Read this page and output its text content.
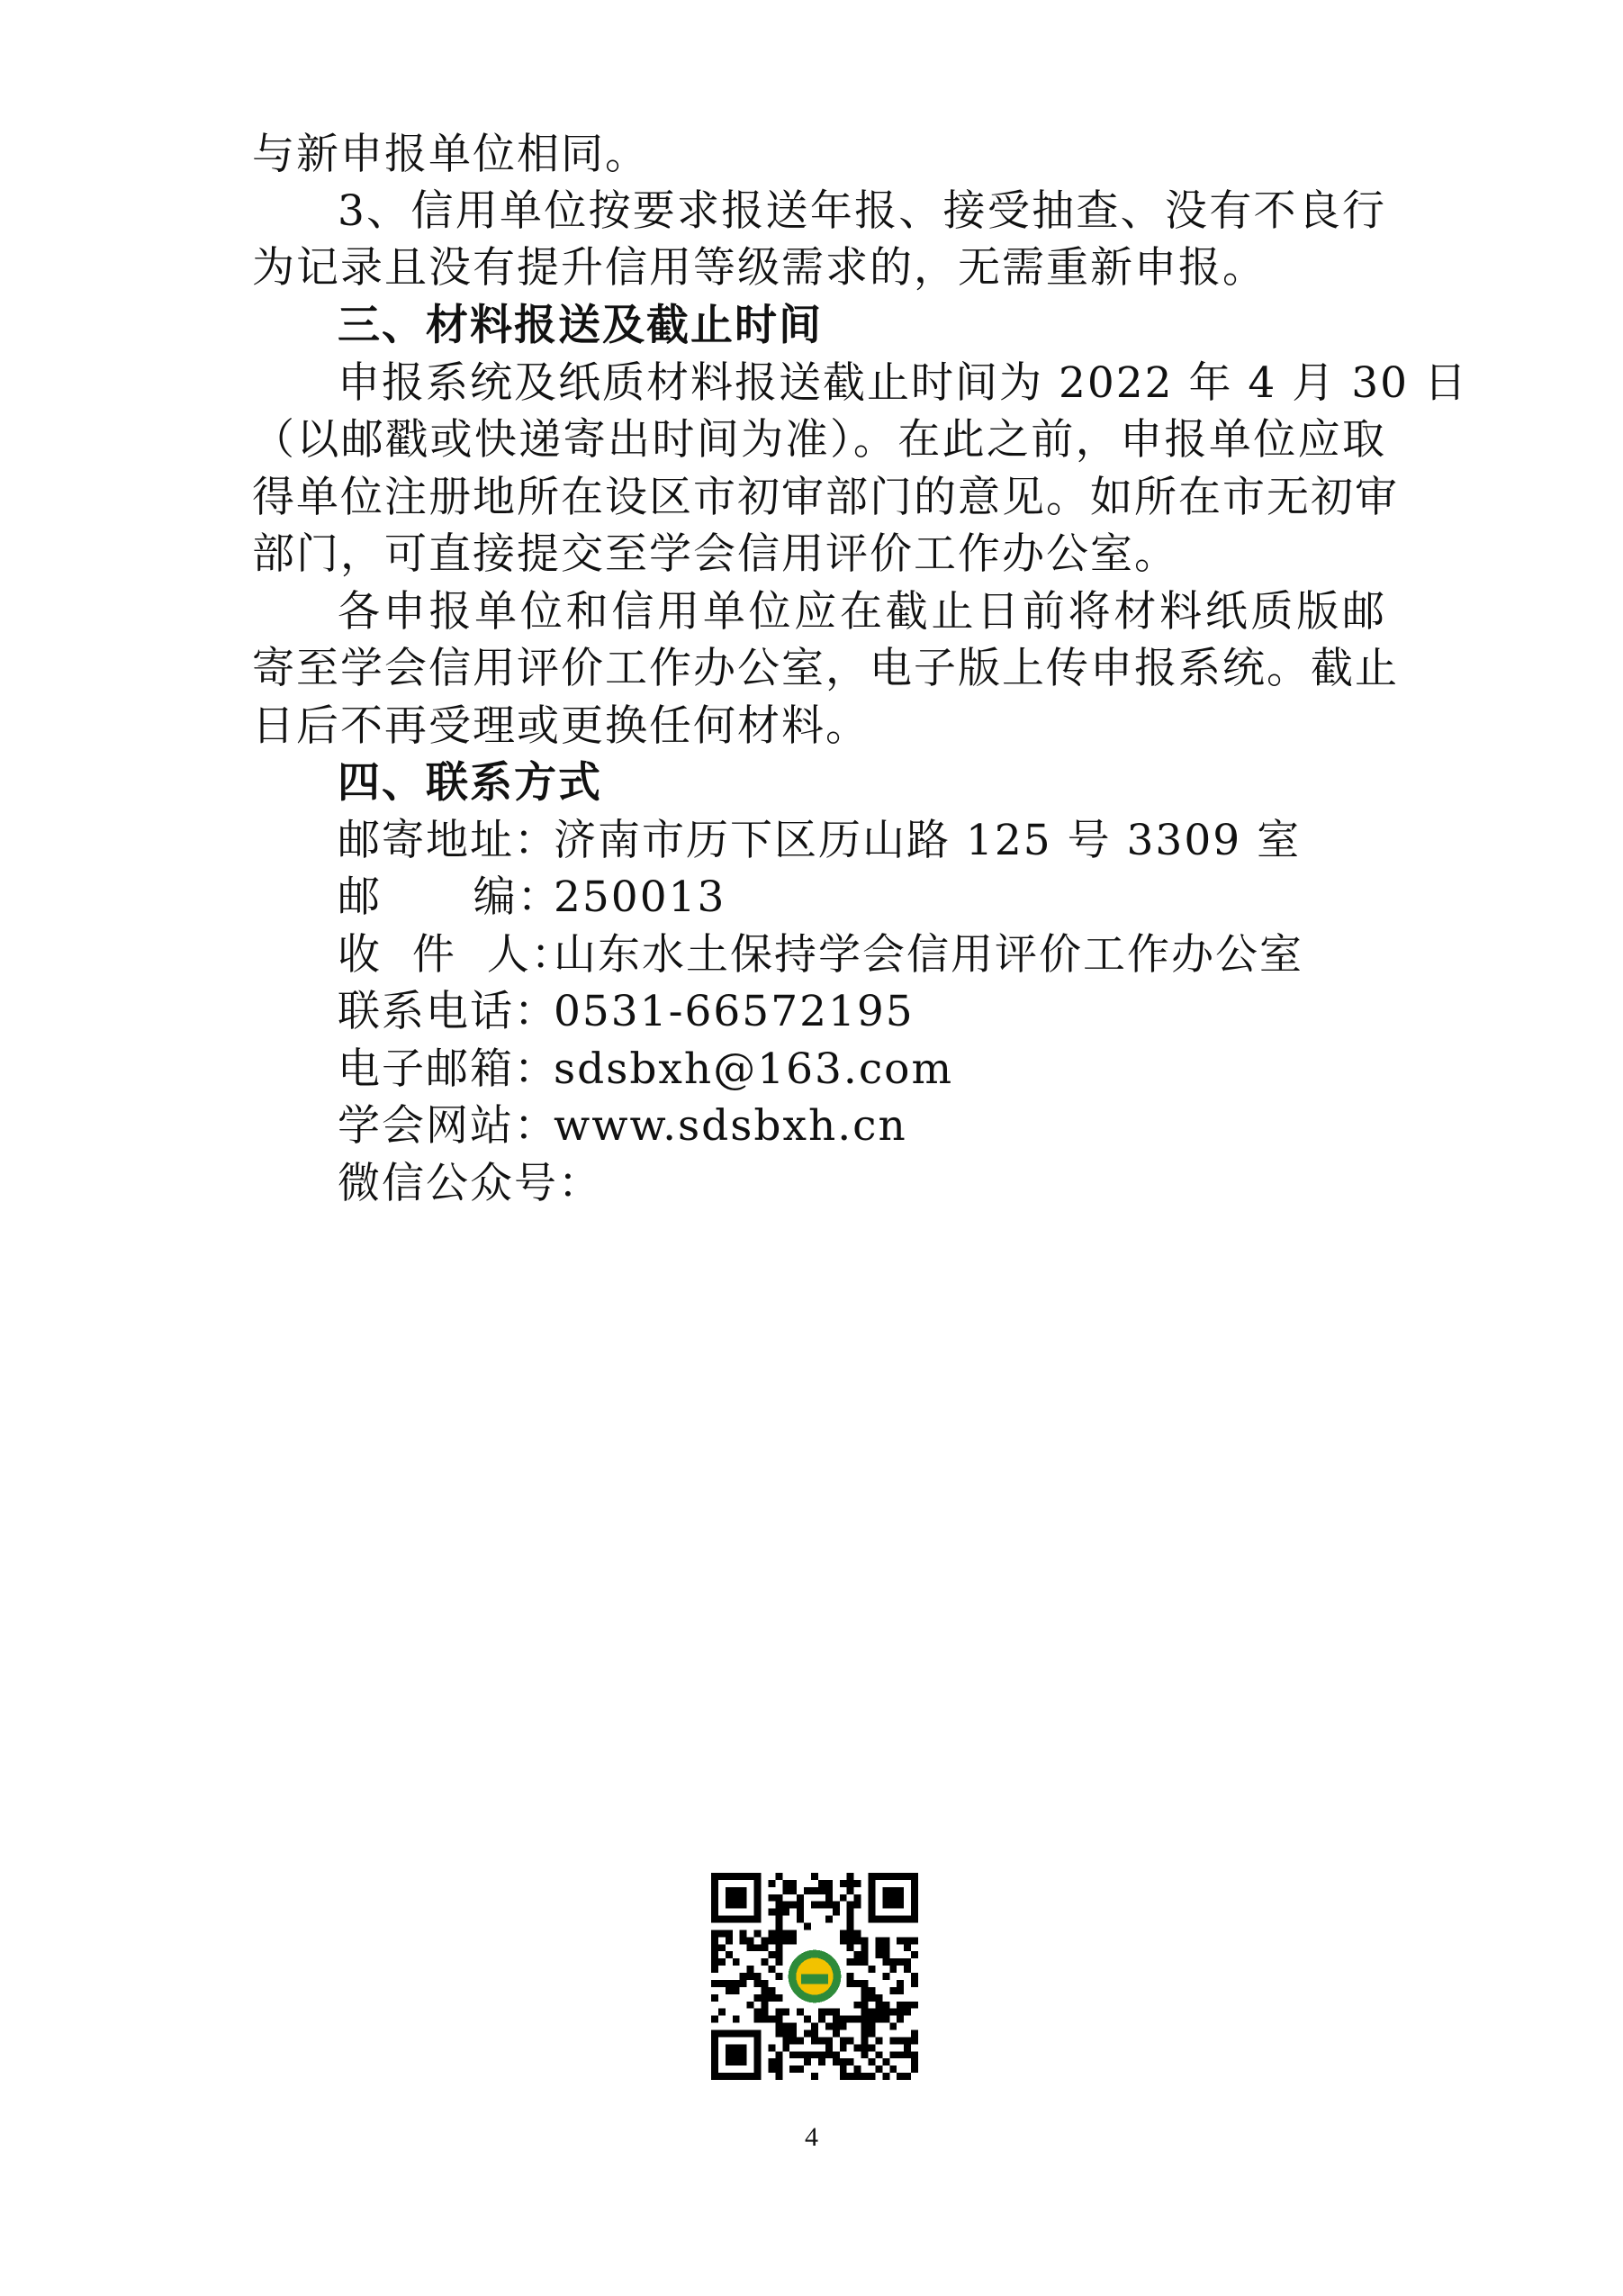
与新申报单位相同。
3、信用单位按要求报送年报、接受抽查、没有不良行
为记录且没有提升信用等级需求的，无需重新申报。
三、材料报送及截止时间
申报系统及纸质材料报送截止时间为 2022 年 4 月 30 日
（以邮戳或快递寄出时间为准）。在此之前，申报单位应取
得单位注册地所在设区市初审部门的意见。如所在市无初审
部门，可直接提交至学会信用评价工作办公室。
各申报单位和信用单位应在截止日前将材料纸质版邮
寄至学会信用评价工作办公室，电子版上传申报系统。截止
日后不再受理或更换任何材料。
四、联系方式
邮寄地址：济南市历下区历山路 125 号 3309 室
邮      编：250013
收  件  人：山东水土保持学会信用评价工作办公室
联系电话：0531-66572195
电子邮箱：sdsbxh@163.com
学会网站：www.sdsbxh.cn
微信公众号：
4
